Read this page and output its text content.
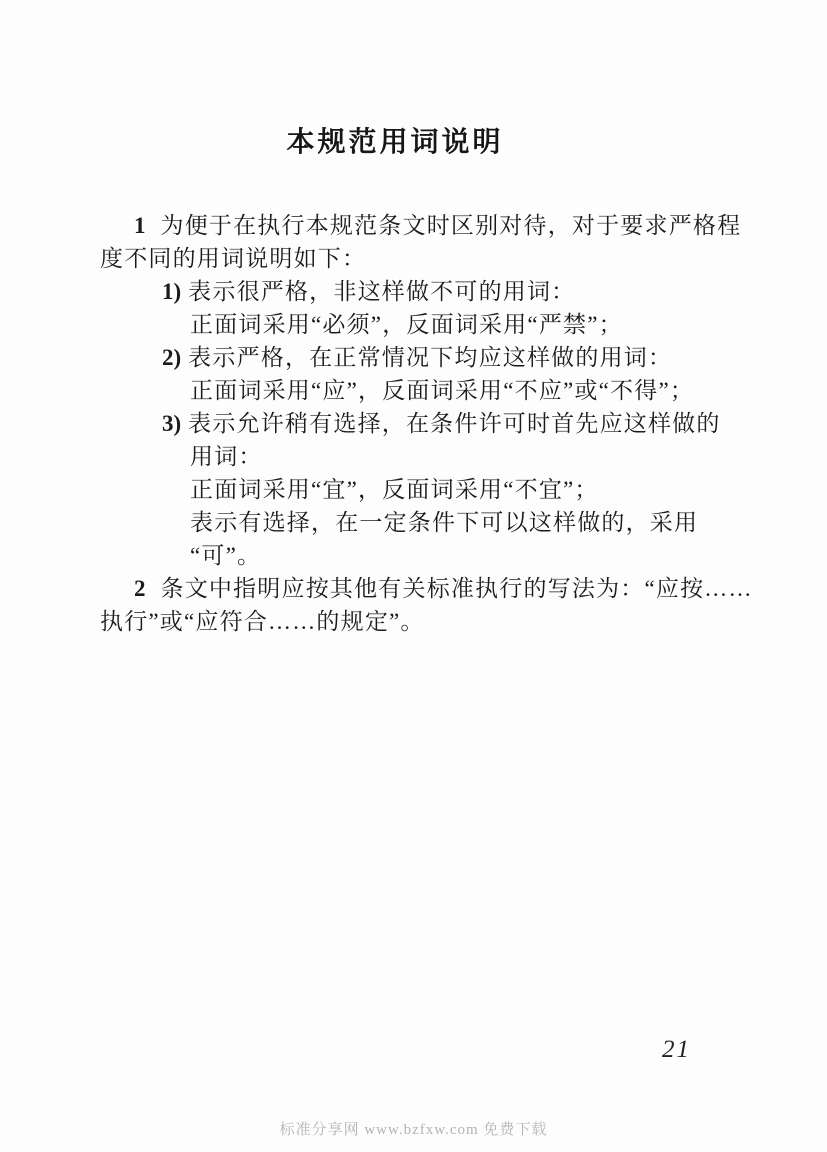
本规范用词说明
1 为便于在执行本规范条文时区别对待，对于要求严格程
度不同的用词说明如下：
1) 表示很严格，非这样做不可的用词：
正面词采用“必须”，反面词采用“严禁”；
2) 表示严格，在正常情况下均应这样做的用词：
正面词采用“应”，反面词采用“不应”或“不得”；
3) 表示允许稍有选择，在条件许可时首先应这样做的
用词：
正面词采用“宜”，反面词采用“不宜”；
表示有选择，在一定条件下可以这样做的，采用
“可”。
2 条文中指明应按其他有关标准执行的写法为：“应按……
执行”或“应符合……的规定”。
21
标准分享网 www.bzfxw.com 免费下载
